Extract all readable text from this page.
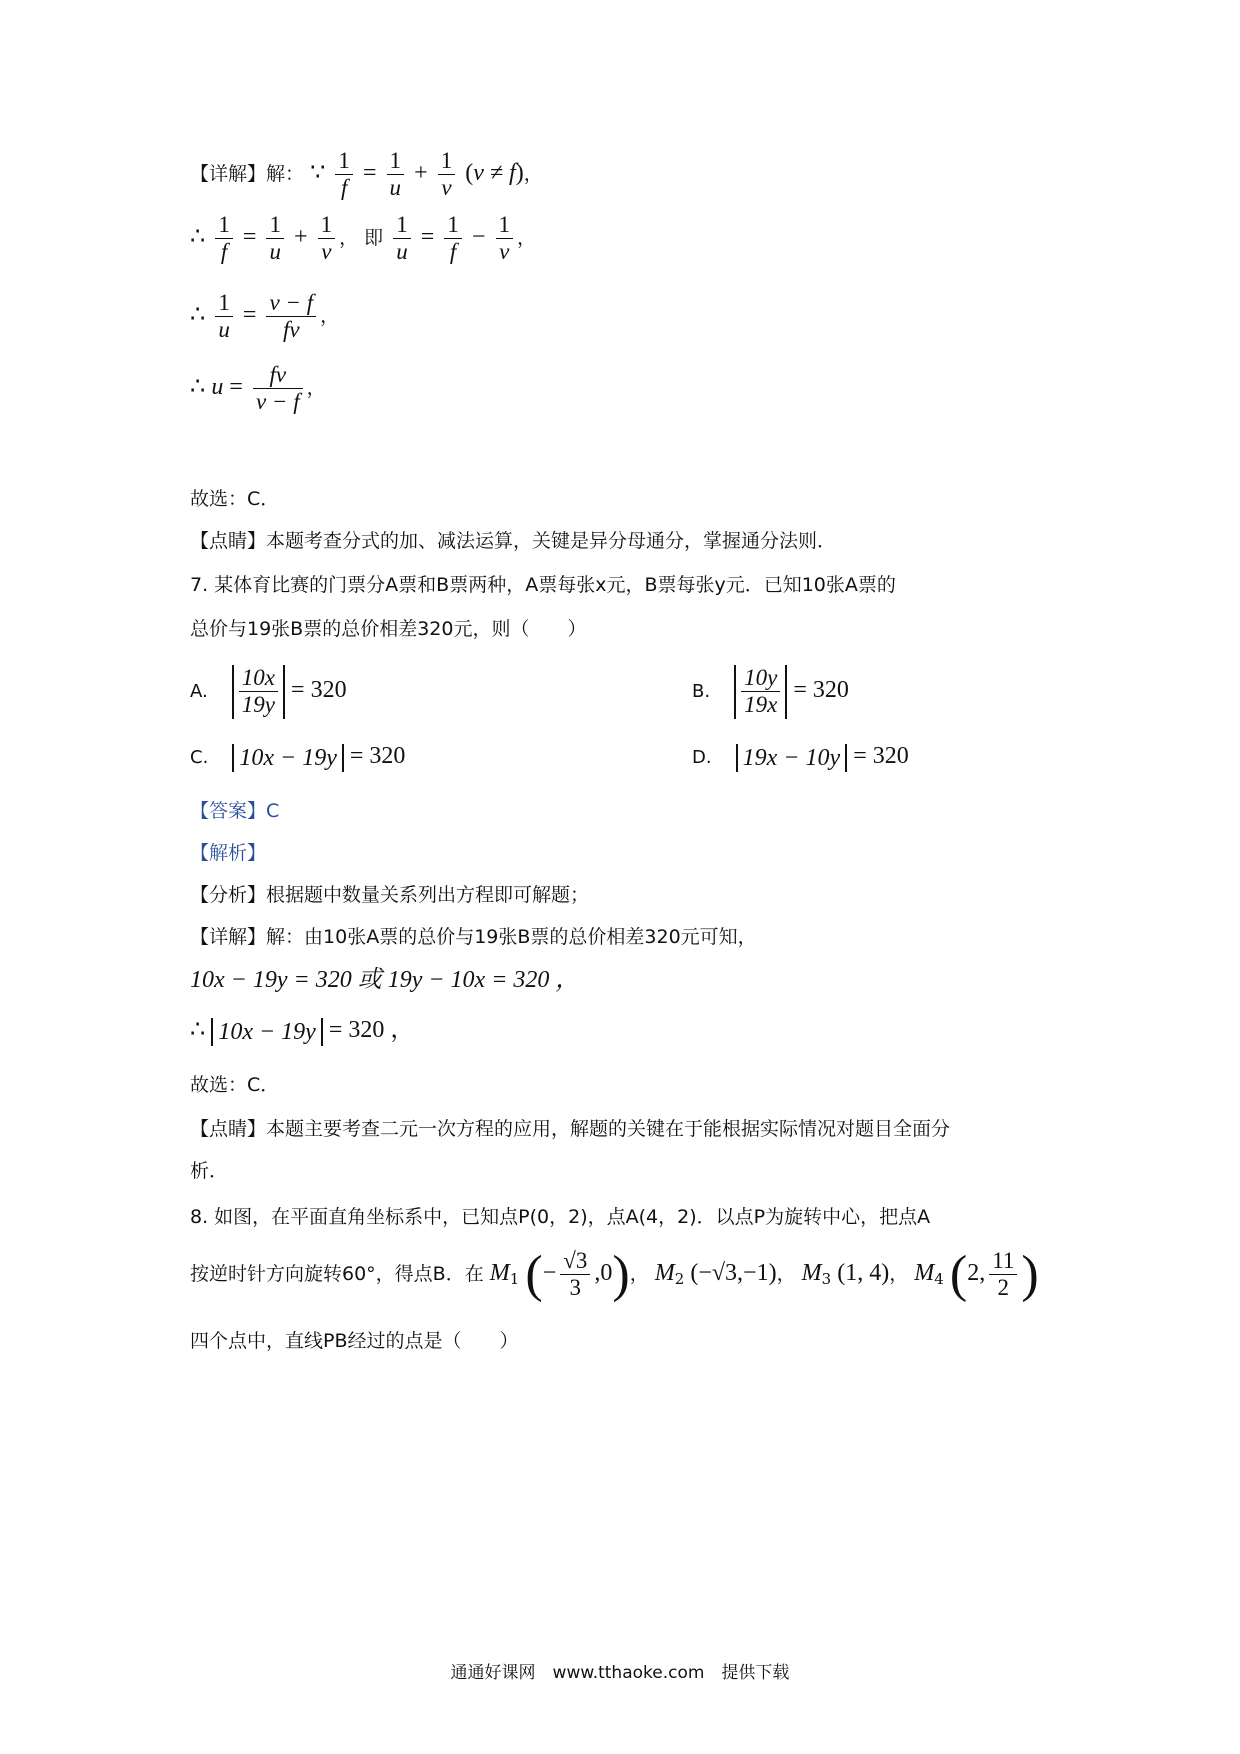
【详解】解： ∵ $\frac{1}{f} = \frac{1}{u} + \frac{1}{v} (v \ne f)$，
∴ $\frac{1}{f} = \frac{1}{u} + \frac{1}{v}$ ， 即 $\frac{1}{u} = \frac{1}{f} - \frac{1}{v}$ ，
∴ $\frac{1}{u} = \frac{v - f}{fv}$ ，
∴ $u = \frac{fv}{v - f}$ ，
故选：C．
【点睛】本题考查分式的加、减法运算，关键是异分母通分，掌握通分法则．
7. 某体育比赛的门票分A票和B票两种，A票每张x元，B票每张y元．已知10张A票的
总价与19张B票的总价相差320元，则（　　）
A. $\frac{10x}{19y} = 320$	B. $\frac{10y}{19x} = 320$
C. 10x − 19y = 320	D. 19x − 10y = 320
【答案】C
【解析】
【分析】根据题中数量关系列出方程即可解题；
【详解】解：由10张A票的总价与19张B票的总价相差320元可知，
10x − 19y = 320 或 19y − 10x = 320 ，
∴ 10x − 19y = 320 ，
故选：C．
【点睛】本题主要考查二元一次方程的应用，解题的关键在于能根据实际情况对题目全面分
析．
8. 如图，在平面直角坐标系中，已知点P(0，2)，点A(4，2)．以点P为旋转中心，把点A
按逆时针方向旋转60°，得点B．在 $M_1$ (− $\frac{√3}{3} ,0$)， $M_2$ (−√3,−1)， $M_3$ (1, 4)， $M_4$ (2, $\frac{11}{2}$ )
四个点中，直线PB经过的点是（　　）
通通好课网　www.tthaoke.com　提供下载
